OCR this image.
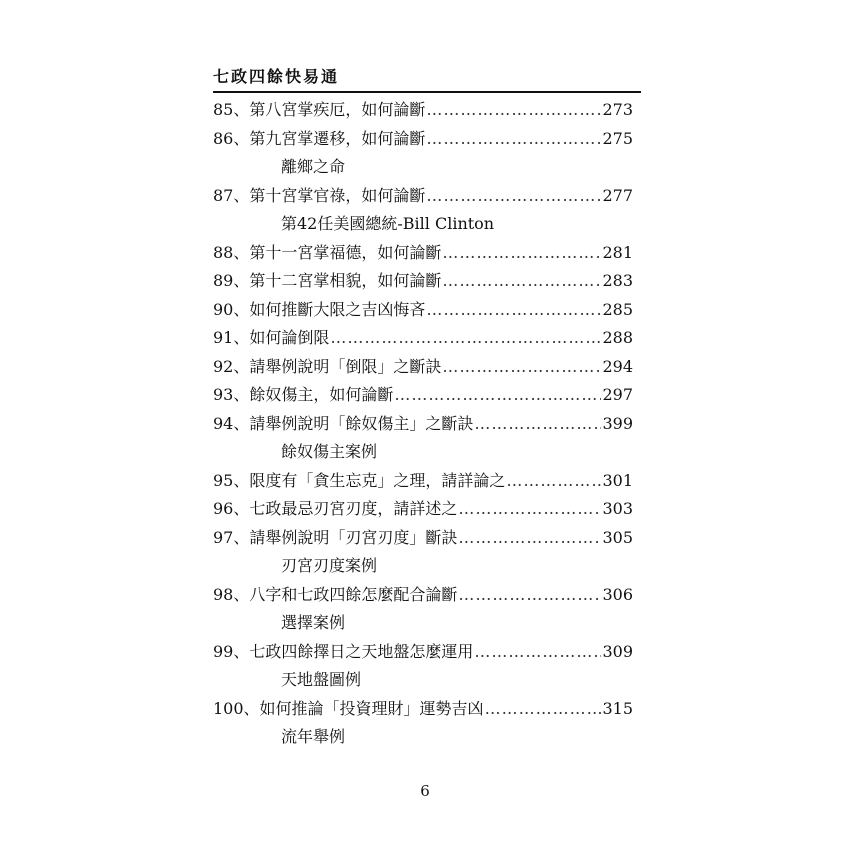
七政四餘快易通
85、 第八宮掌疾厄，如何論斷 …………………………………………………………………………………………………………	273
86、 第九宮掌遷移，如何論斷 …………………………………………………………………………………………………………	275
離鄉之命
87、 第十宮掌官祿，如何論斷 …………………………………………………………………………………………………………	277
第42任美國總統-Bill Clinton
88、 第十一宮掌福德，如何論斷 …………………………………………………………………………………………………………	281
89、 第十二宮掌相貌，如何論斷 …………………………………………………………………………………………………………	283
90、 如何推斷大限之吉凶悔吝 …………………………………………………………………………………………………………	285
91、 如何論倒限 …………………………………………………………………………………………………………	288
92、 請舉例說明「倒限」之斷訣 …………………………………………………………………………………………………………	294
93、 餘奴傷主，如何論斷 …………………………………………………………………………………………………………	297
94、 請舉例說明「餘奴傷主」之斷訣 …………………………………………………………………………………………………………	399
餘奴傷主案例
95、 限度有「貪生忘克」之理，請詳論之 …………………………………………………………………………………………………………	301
96、 七政最忌刃宮刃度，請詳述之 …………………………………………………………………………………………………………	303
97、 請舉例說明「刃宮刃度」斷訣 …………………………………………………………………………………………………………	305
刃宮刃度案例
98、 八字和七政四餘怎麼配合論斷 …………………………………………………………………………………………………………	306
選擇案例
99、 七政四餘擇日之天地盤怎麼運用 …………………………………………………………………………………………………………	309
天地盤圖例
100、 如何推論「投資理財」運勢吉凶 …………………………………………………………………………………………………………	315
流年舉例
6
